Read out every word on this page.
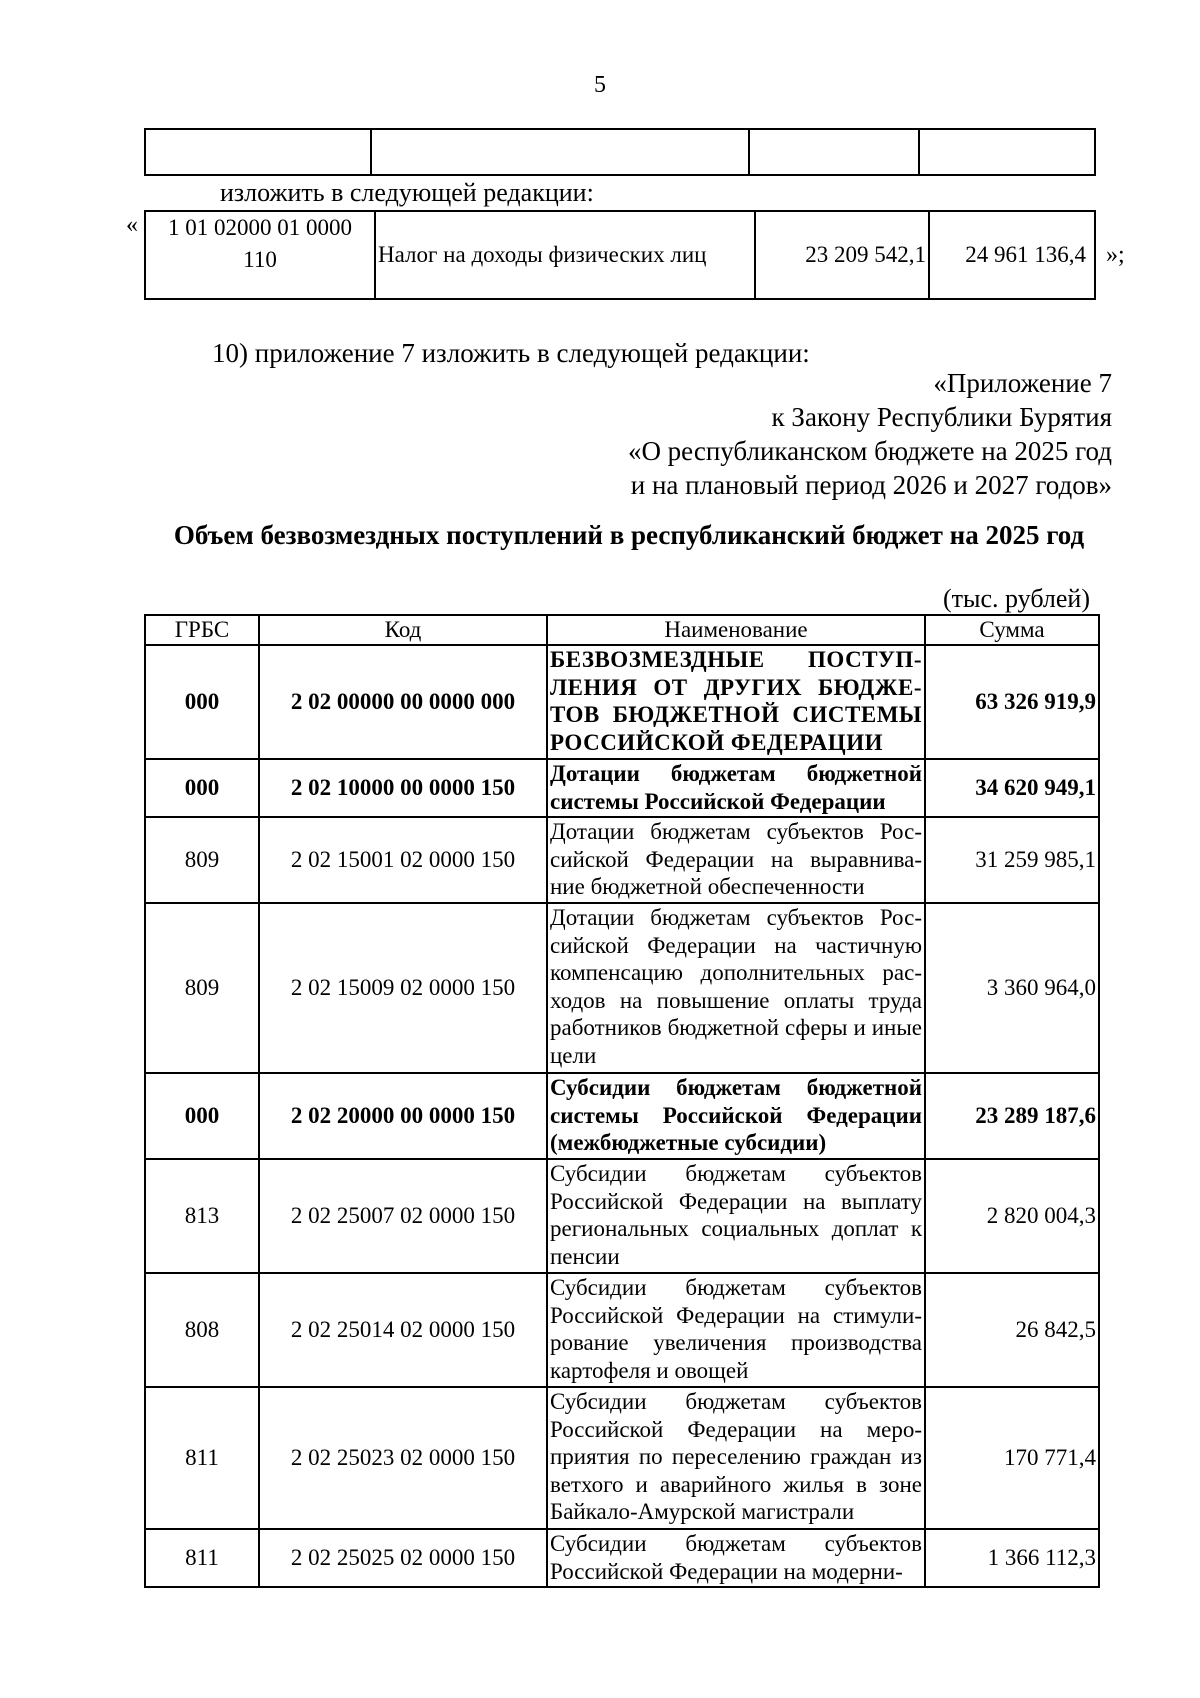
5

изложить в следующей редакции:
«	1 01 02000 01 0000
110	Налог на доходы физических лиц	23 209 542,1	24 961 136,4 »;
10) приложение 7 изложить в следующей редакции:
«Приложение 7
к Закону Республики Бурятия
«О республиканском бюджете на 2025 год
и на плановый период 2026 и 2027 годов»
Объем безвозмездных поступлений в республиканский бюджет на 2025 год
(тыс. рублей)
ГРБС	Код	Наименование	Сумма
000	2 02 00000 00 0000 000	БЕЗВОЗМЕЗДНЫЕ ПОСТУП-ЛЕНИЯ ОТ ДРУГИХ БЮДЖЕ-ТОВ БЮДЖЕТНОЙ СИСТЕМЫ РОССИЙСКОЙ ФЕДЕРАЦИИ	63 326 919,9
000	2 02 10000 00 0000 150	Дотации бюджетам бюджетной системы Российской Федерации	34 620 949,1
809	2 02 15001 02 0000 150	Дотации бюджетам субъектов Рос-сийской Федерации на выравнива-ние бюджетной обеспеченности	31 259 985,1
809	2 02 15009 02 0000 150	Дотации бюджетам субъектов Рос-сийской Федерации на частичную компенсацию дополнительных рас-ходов на повышение оплаты труда работников бюджетной сферы и иные цели	3 360 964,0
000	2 02 20000 00 0000 150	Субсидии бюджетам бюджетной системы Российской Федерации (межбюджетные субсидии)	23 289 187,6
813	2 02 25007 02 0000 150	Субсидии бюджетам субъектов Российской Федерации на выплату региональных социальных доплат к пенсии	2 820 004,3
808	2 02 25014 02 0000 150	Субсидии бюджетам субъектов Российской Федерации на стимули-рование увеличения производства картофеля и овощей	26 842,5
811	2 02 25023 02 0000 150	Субсидии бюджетам субъектов Российской Федерации на меро-приятия по переселению граждан из ветхого и аварийного жилья в зоне Байкало-Амурской магистрали	170 771,4
811	2 02 25025 02 0000 150	Субсидии бюджетам субъектов Российской Федерации на модерни-	1 366 112,3
